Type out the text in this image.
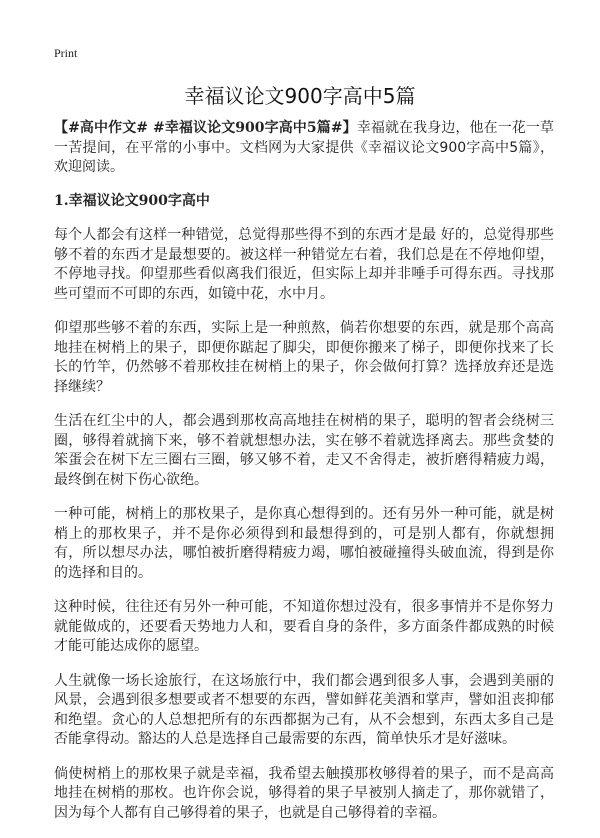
Print
幸福议论文900字高中5篇

【#高中作文# #幸福议论文900字高中5篇#】幸福就在我身边，他在一花一草一苦提间，在平常的小事中。文档网为大家提供《幸福议论文900字高中5篇》，欢迎阅读。

1.幸福议论文900字高中

每个人都会有这样一种错觉，总觉得那些得不到的东西才是最 好的，总觉得那些够不着的东西才是最想要的。被这样一种错觉左右着，我们总是在不停地仰望，不停地寻找。仰望那些看似离我们很近，但实际上却并非唾手可得东西。寻找那些可望而不可即的东西，如镜中花，水中月。

仰望那些够不着的东西，实际上是一种煎熬，倘若你想要的东西，就是那个高高地挂在树梢上的果子，即便你踮起了脚尖，即便你搬来了梯子，即便你找来了长长的竹竿，仍然够不着那枚挂在树梢上的果子，你会做何打算？选择放弃还是选择继续？

生活在红尘中的人，都会遇到那枚高高地挂在树梢的果子，聪明的智者会绕树三圈，够得着就摘下来，够不着就想想办法，实在够不着就选择离去。那些贪婪的笨蛋会在树下左三圈右三圈，够又够不着，走又不舍得走，被折磨得精疲力竭，最终倒在树下伤心欲绝。

一种可能，树梢上的那枚果子，是你真心想得到的。还有另外一种可能，就是树梢上的那枚果子，并不是你必须得到和最想得到的，可是别人都有，你就想拥有，所以想尽办法，哪怕被折磨得精疲力竭，哪怕被碰撞得头破血流，得到是你的选择和目的。

这种时候，往往还有另外一种可能，不知道你想过没有，很多事情并不是你努力就能做成的，还要看天势地力人和，要看自身的条件，多方面条件都成熟的时候才能可能达成你的愿望。

人生就像一场长途旅行，在这场旅行中，我们都会遇到很多人事，会遇到美丽的风景，会遇到很多想要或者不想要的东西，譬如鲜花美酒和掌声，譬如沮丧抑郁和绝望。贪心的人总想把所有的东西都据为己有，从不会想到，东西太多自己是否能拿得动。豁达的人总是选择自己最需要的东西，简单快乐才是好滋味。

倘使树梢上的那枚果子就是幸福，我希望去触摸那枚够得着的果子，而不是高高地挂在树梢的那枚。也许你会说，够得着的果子早被别人摘走了，那你就错了，因为每个人都有自己够得着的果子，也就是自己够得着的幸福。
